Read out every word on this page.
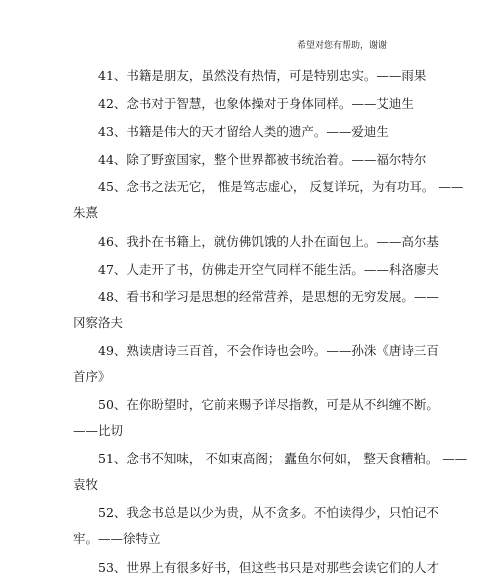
希望对您有帮助，谢谢
41、书籍是朋友，虽然没有热情，可是特别忠实。——雨果
42、念书对于智慧，也象体操对于身体同样。——艾迪生
43、书籍是伟大的天才留给人类的遗产。——爱迪生
44、除了野蛮国家，整个世界都被书统治着。——福尔特尔
45、念书之法无它， 惟是笃志虚心， 反复详玩，为有功耳。 ——
朱熹
46、我扑在书籍上，就仿佛饥饿的人扑在面包上。——高尔基
47、人走开了书，仿佛走开空气同样不能生活。——科洛廖夫
48、看书和学习是思想的经常营养，是思想的无穷发展。——
冈察洛夫
49、熟读唐诗三百首，不会作诗也会吟。——孙洙《唐诗三百
首序》
50、在你盼望时，它前来赐予详尽指教，可是从不纠缠不断。
——比切
51、念书不知味， 不如束高阁； 蠹鱼尔何如， 整天食糟粕。 ——
袁牧
52、我念书总是以少为贵，从不贪多。不怕读得少，只怕记不
牢。——徐特立
53、世界上有很多好书，但这些书只是对那些会读它们的人才
